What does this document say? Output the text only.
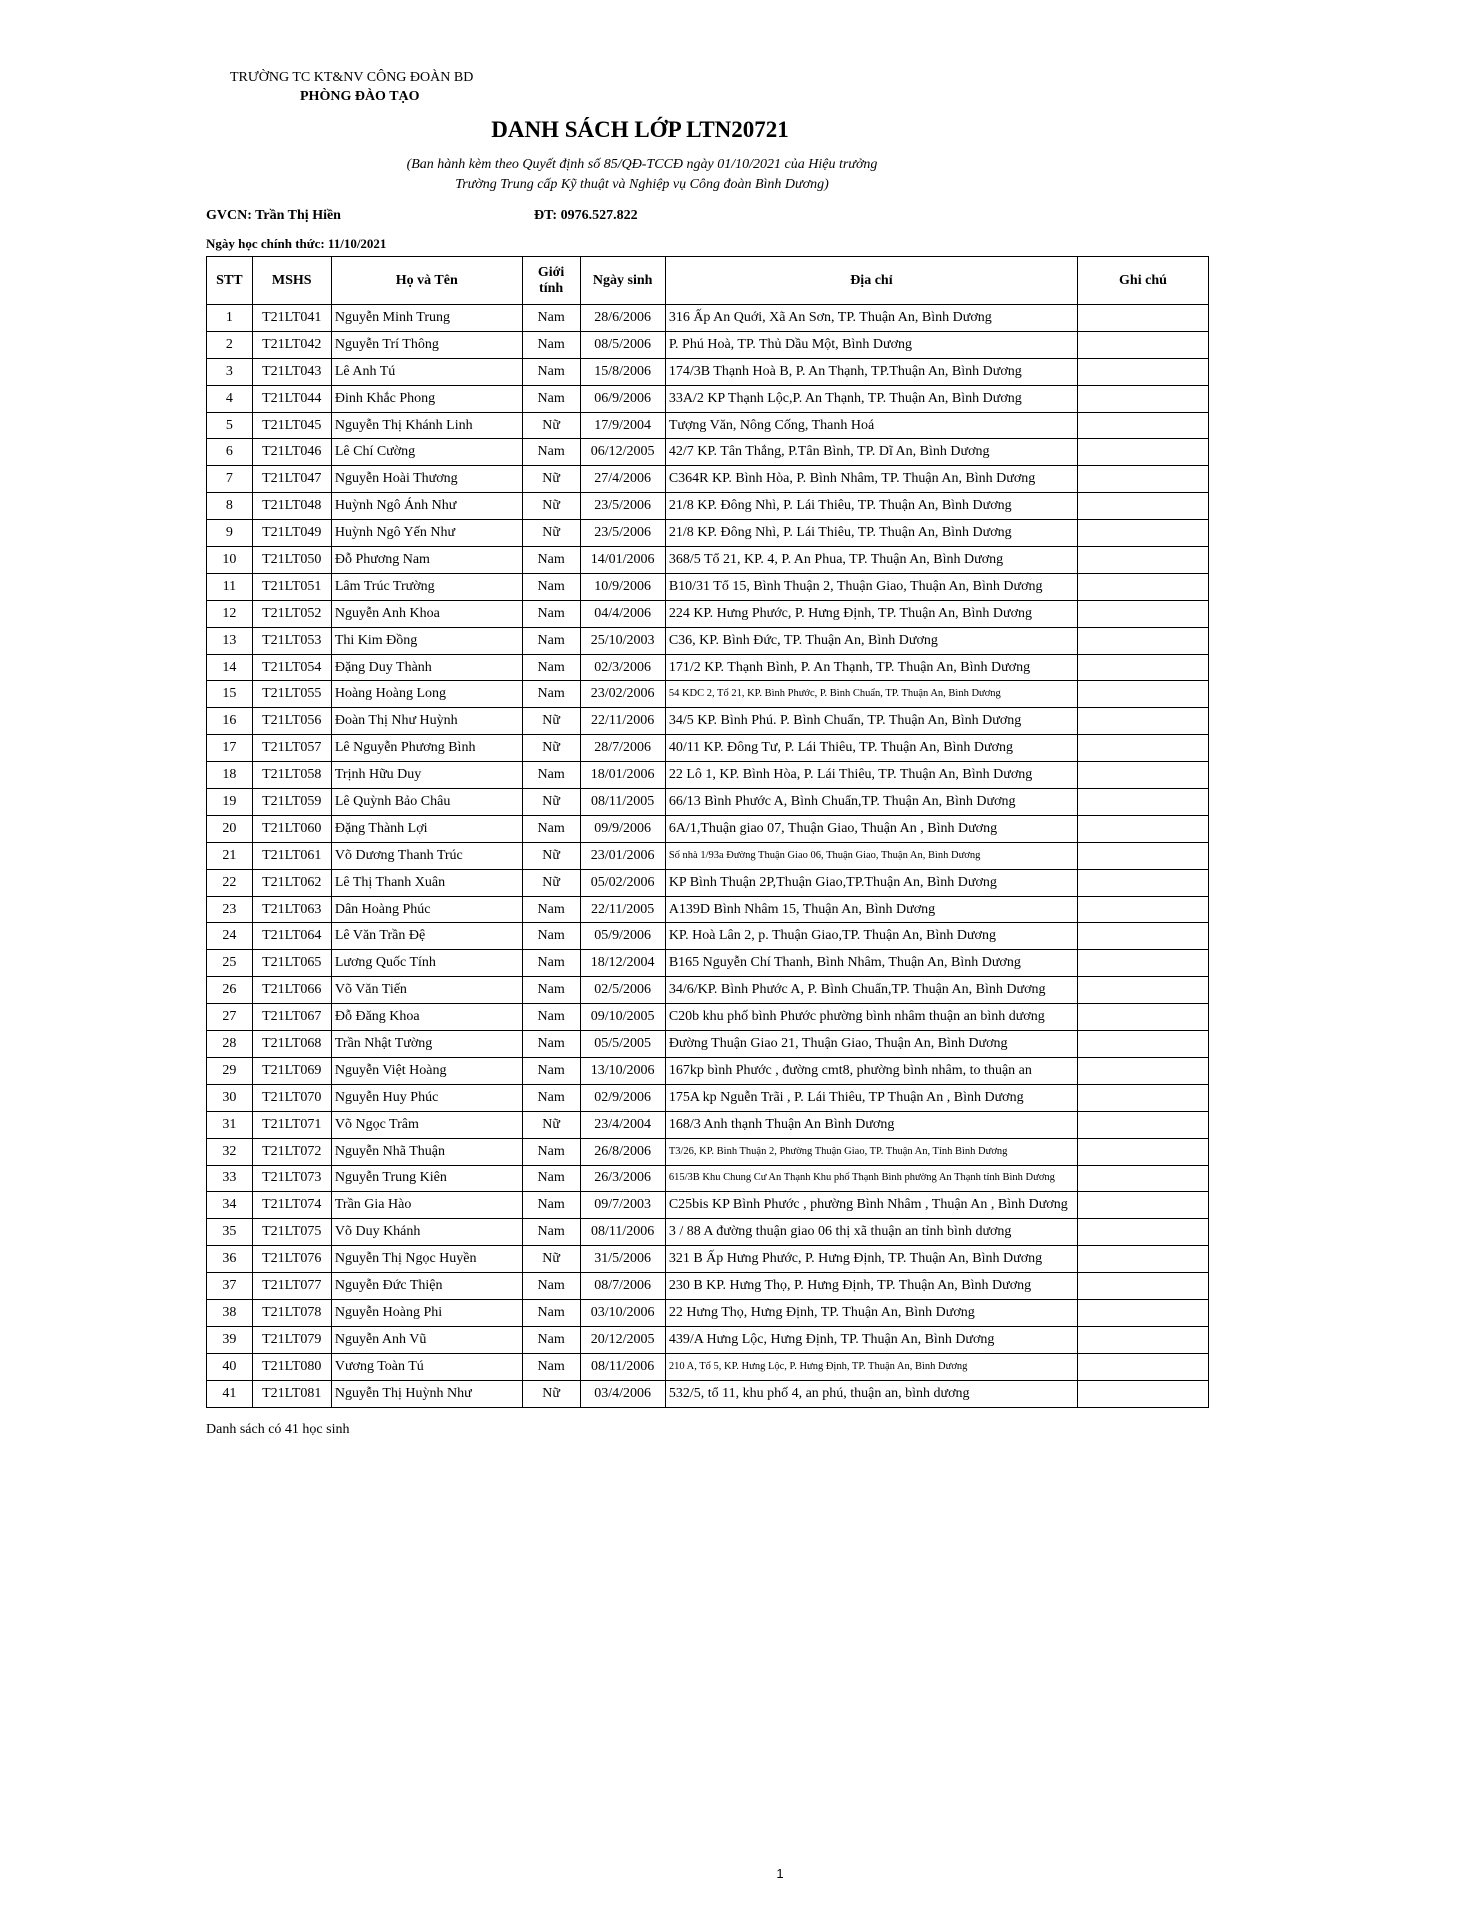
TRƯỜNG TC KT&NV CÔNG ĐOÀN BD
PHÒNG ĐÀO TẠO
DANH SÁCH LỚP LTN20721
(Ban hành kèm theo Quyết định số 85/QĐ-TCCĐ ngày 01/10/2021 của Hiệu trưởng
Trường Trung cấp Kỹ thuật và Nghiệp vụ Công đoàn Bình Dương)
GVCN: Trần Thị Hiền	ĐT: 0976.527.822
Ngày học chính thức: 11/10/2021
STT	MSHS	Họ và Tên	Giới tính	Ngày sinh	Địa chỉ	Ghi chú
1	T21LT041	Nguyễn Minh Trung	Nam	28/6/2006	316 Ấp An Quới, Xã An Sơn, TP. Thuận An, Bình Dương	
2	T21LT042	Nguyễn Trí Thông	Nam	08/5/2006	P. Phú Hoà, TP. Thủ Dầu Một, Bình Dương	
3	T21LT043	Lê Anh Tú	Nam	15/8/2006	174/3B Thạnh Hoà B, P. An Thạnh, TP.Thuận An, Bình Dương	
4	T21LT044	Đinh Khắc Phong	Nam	06/9/2006	33A/2 KP Thạnh Lộc,P. An Thạnh, TP. Thuận An, Bình Dương	
5	T21LT045	Nguyễn Thị Khánh Linh	Nữ	17/9/2004	Tượng Văn, Nông Cống, Thanh Hoá	
6	T21LT046	Lê Chí Cường	Nam	06/12/2005	42/7 KP. Tân Thắng, P.Tân Bình, TP. Dĩ An, Bình Dương	
7	T21LT047	Nguyễn Hoài Thương	Nữ	27/4/2006	C364R KP. Bình Hòa, P. Bình Nhâm, TP. Thuận An, Bình Dương	
8	T21LT048	Huỳnh Ngô Ánh Như	Nữ	23/5/2006	21/8 KP. Đông Nhì, P. Lái Thiêu, TP. Thuận An, Bình Dương	
9	T21LT049	Huỳnh Ngô Yến Như	Nữ	23/5/2006	21/8 KP. Đông Nhì, P. Lái Thiêu, TP. Thuận An, Bình Dương	
10	T21LT050	Đỗ Phương Nam	Nam	14/01/2006	368/5 Tổ 21, KP. 4, P. An Phua, TP. Thuận An, Bình Dương	
11	T21LT051	Lâm Trúc Trường	Nam	10/9/2006	B10/31 Tổ 15, Bình Thuận 2, Thuận Giao, Thuận An, Bình Dương	
12	T21LT052	Nguyễn Anh Khoa	Nam	04/4/2006	224 KP. Hưng Phước, P. Hưng Định, TP. Thuận An, Bình Dương	
13	T21LT053	Thi Kim Đồng	Nam	25/10/2003	C36, KP. Bình Đức, TP. Thuận An, Bình Dương	
14	T21LT054	Đặng Duy Thành	Nam	02/3/2006	171/2 KP. Thạnh Bình, P. An Thạnh, TP. Thuận An, Bình Dương	
15	T21LT055	Hoàng Hoàng Long	Nam	23/02/2006	54 KDC 2, Tổ 21, KP. Bình Phước, P. Bình Chuẩn, TP. Thuận An, Bình Dương	
16	T21LT056	Đoàn Thị Như Huỳnh	Nữ	22/11/2006	34/5 KP. Bình Phú. P. Bình Chuẩn, TP. Thuận An, Bình Dương	
17	T21LT057	Lê Nguyễn Phương Bình	Nữ	28/7/2006	40/11 KP. Đông Tư, P. Lái Thiêu, TP. Thuận An, Bình Dương	
18	T21LT058	Trịnh Hữu Duy	Nam	18/01/2006	22 Lô 1, KP. Bình Hòa, P. Lái Thiêu, TP. Thuận An, Bình Dương	
19	T21LT059	Lê Quỳnh Bảo Châu	Nữ	08/11/2005	66/13 Bình Phước A, Bình Chuẩn,TP. Thuận An, Bình Dương	
20	T21LT060	Đặng Thành Lợi	Nam	09/9/2006	6A/1,Thuận giao 07, Thuận Giao, Thuận An , Bình Dương	
21	T21LT061	Võ Dương Thanh Trúc	Nữ	23/01/2006	Số nhà 1/93a Đường Thuận Giao 06, Thuận Giao, Thuận An, Bình Dương	
22	T21LT062	Lê Thị Thanh Xuân	Nữ	05/02/2006	KP Bình Thuận 2P,Thuận Giao,TP.Thuận An, Bình Dương	
23	T21LT063	Dân Hoàng Phúc	Nam	22/11/2005	A139D Bình Nhâm 15, Thuận An, Bình Dương	
24	T21LT064	Lê Văn Trần Đệ	Nam	05/9/2006	KP. Hoà Lân 2, p. Thuận Giao,TP. Thuận An, Bình Dương	
25	T21LT065	Lương Quốc Tính	Nam	18/12/2004	B165 Nguyễn Chí Thanh, Bình Nhâm, Thuận An, Bình Dương	
26	T21LT066	Võ Văn Tiến	Nam	02/5/2006	34/6/KP. Bình Phước A, P. Bình Chuẩn,TP. Thuận An, Bình Dương	
27	T21LT067	Đỗ Đăng Khoa	Nam	09/10/2005	C20b khu phố bình Phước phường bình nhâm thuận an bình dương	
28	T21LT068	Trần Nhật Tường	Nam	05/5/2005	Đường Thuận Giao 21, Thuận Giao, Thuận An, Bình Dương	
29	T21LT069	Nguyễn Việt Hoàng	Nam	13/10/2006	167kp bình Phước , đường cmt8, phường bình nhâm, to thuận an	
30	T21LT070	Nguyễn Huy Phúc	Nam	02/9/2006	175A kp Nguễn Trãi , P. Lái Thiêu, TP Thuận An , Bình Dương	
31	T21LT071	Võ Ngọc Trâm	Nữ	23/4/2004	168/3 Anh thạnh Thuận An Bình Dương	
32	T21LT072	Nguyễn Nhã Thuận	Nam	26/8/2006	T3/26, KP. Bình Thuận 2, Phường Thuận Giao, TP. Thuận An, Tỉnh Bình Dương	
33	T21LT073	Nguyễn Trung Kiên	Nam	26/3/2006	615/3B Khu Chung Cư An Thạnh Khu phố Thạnh Bình phường An Thạnh tỉnh Bình Dương	
34	T21LT074	Trần Gia Hào	Nam	09/7/2003	C25bis KP Bình Phước , phường Bình Nhâm , Thuận An , Bình Dương	
35	T21LT075	Võ Duy Khánh	Nam	08/11/2006	3 / 88 A đường thuận giao 06 thị xã thuận an tỉnh bình dương	
36	T21LT076	Nguyễn Thị Ngọc Huyền	Nữ	31/5/2006	321 B Ấp Hưng Phước, P. Hưng Định, TP. Thuận An, Bình Dương	
37	T21LT077	Nguyễn Đức Thiện	Nam	08/7/2006	230 B KP. Hưng Thọ, P. Hưng Định, TP. Thuận An, Bình Dương	
38	T21LT078	Nguyễn Hoàng Phi	Nam	03/10/2006	22 Hưng Thọ, Hưng Định, TP. Thuận An, Bình Dương	
39	T21LT079	Nguyễn Anh Vũ	Nam	20/12/2005	439/A Hưng Lộc, Hưng Định, TP. Thuận An, Bình Dương	
40	T21LT080	Vương Toàn Tú	Nam	08/11/2006	210 A, Tổ 5, KP. Hưng Lộc, P. Hưng Định, TP. Thuận An, Bình Dương	
41	T21LT081	Nguyễn Thị Huỳnh Như	Nữ	03/4/2006	532/5, tổ 11, khu phố 4, an phú, thuận an, bình dương	
Danh sách có 41 học sinh
1
